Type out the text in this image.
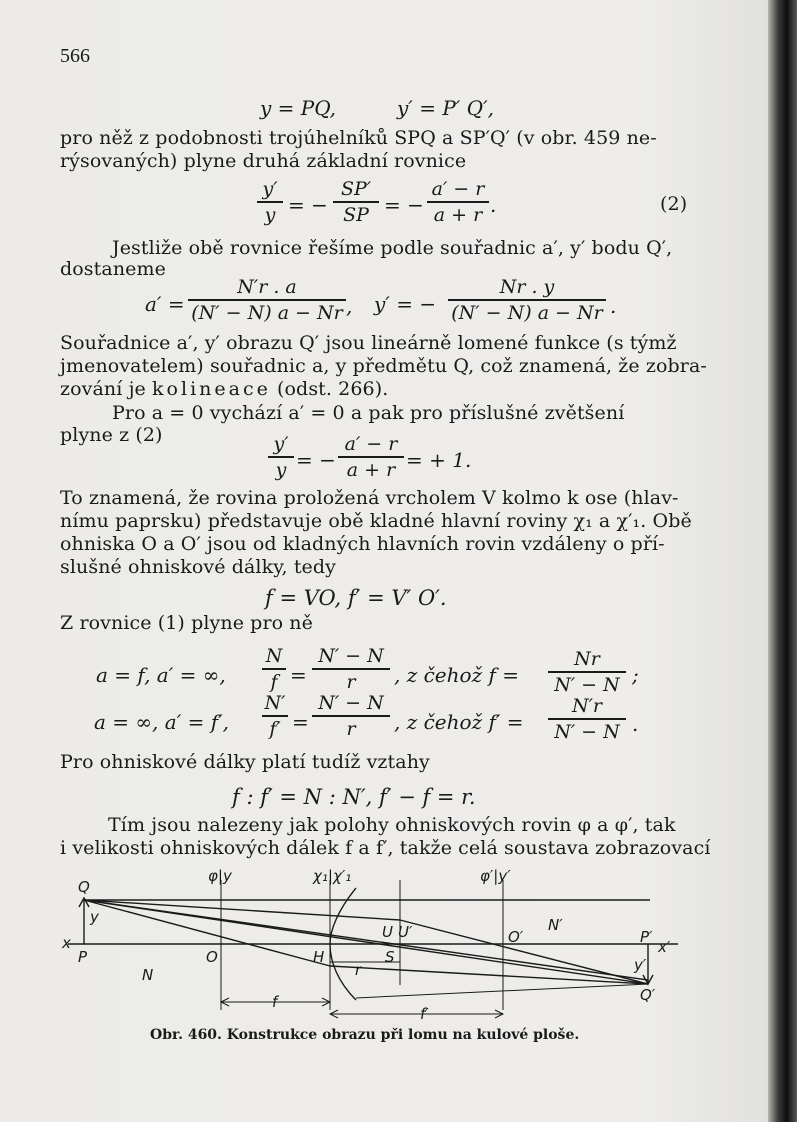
566
y = PQ,	y′ = P′ Q′,
pro něž z podobnosti trojúhelníků SPQ a SP′Q′ (v obr. 459 ne-
rýsovaných) plyne druhá základní rovnice
y′
y = −
SP′
SP = −
a′ − r
a + r .	(2)
Jestliže obě rovnice řešíme podle souřadnic a′, y′ bodu Q′,
dostaneme
a′ =
N′r . a
(N′ − N) a − Nr , y′ = −
Nr . y
(N′ − N) a − Nr .
Souřadnice a′, y′ obrazu Q′ jsou lineárně lomené funkce (s týmž
jmenovatelem) souřadnic a, y předmětu Q, což znamená, že zobra-
zování je kolineace (odst. 266).
Pro a = 0 vychází a′ = 0 a pak pro příslušné zvětšení
plyne z (2)	y′
y = −
a′ − r
a + r = + 1.
To znamená, že rovina proložená vrcholem V kolmo k ose (hlav-
nímu paprsku) představuje obě kladné hlavní roviny χ₁ a χ′₁. Obě
ohniska O a O′ jsou od kladných hlavních rovin vzdáleny o pří-
slušné ohniskové dálky, tedy
f = VO, f′ = V′ O′.
Z rovnice (1) plyne pro ně
a = f, a′ = ∞,
N
f =
N′ − N
r	, z čehož f =
Nr
N′ − N ;
a = ∞, a′ = f′,
N′
f′ =
N′ − N
r	, z čehož f′ =
N′r
N′ − N .
Pro ohniskové dálky platí tudíž vztahy
f : f′ = N : N′, f′ − f = r.
Tím jsou nalezeny jak polohy ohniskových rovin φ a φ′, tak
i velikosti ohniskových dálek f a f′, takže celá soustava zobrazovací
Q
y
x
P	O
N
φ|y	χ₁|χ′₁	φ′|y′
U U′
H
r
S
O′
N′
P′
x′
y′
Q′
f
f′
Obr. 460. Konstrukce obrazu při lomu na kulové ploše.
